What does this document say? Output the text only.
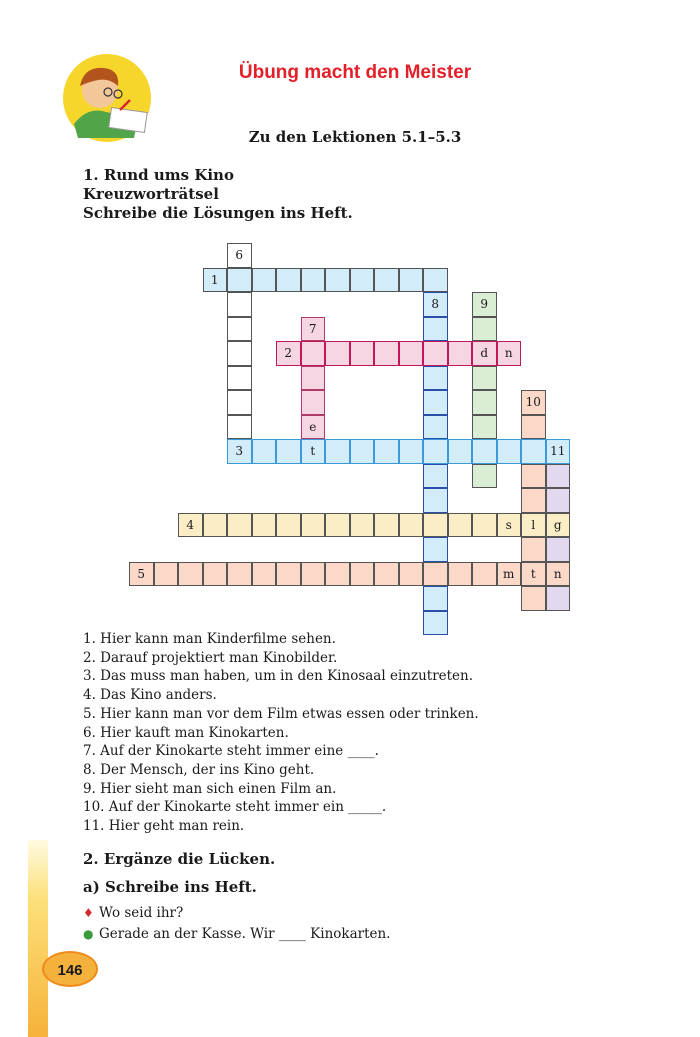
Übung macht den Meister
Zu den Lektionen 5.1–5.3
1. Rund ums Kino
Kreuzworträtsel
Schreibe die Lösungen ins Heft.
6
3
7
e
t
8	9
d
10
l
t
11
g
n
1
2	n
4	s
5	m
1. Hier kann man Kinderfilme sehen.
2. Darauf projektiert man Kinobilder.
3. Das muss man haben, um in den Kinosaal einzutreten.
4. Das Kino anders.
5. Hier kann man vor dem Film etwas essen oder trinken.
6. Hier kauft man Kinokarten.
7. Auf der Kinokarte steht immer eine ____.
8. Der Mensch, der ins Kino geht.
9. Hier sieht man sich einen Film an.
10. Auf der Kinokarte steht immer ein _____.
11. Hier geht man rein.
2. Ergänze die Lücken.
a) Schreibe ins Heft.
♦ Wo seid ihr?
● Gerade an der Kasse. Wir ____ Kinokarten.
146
